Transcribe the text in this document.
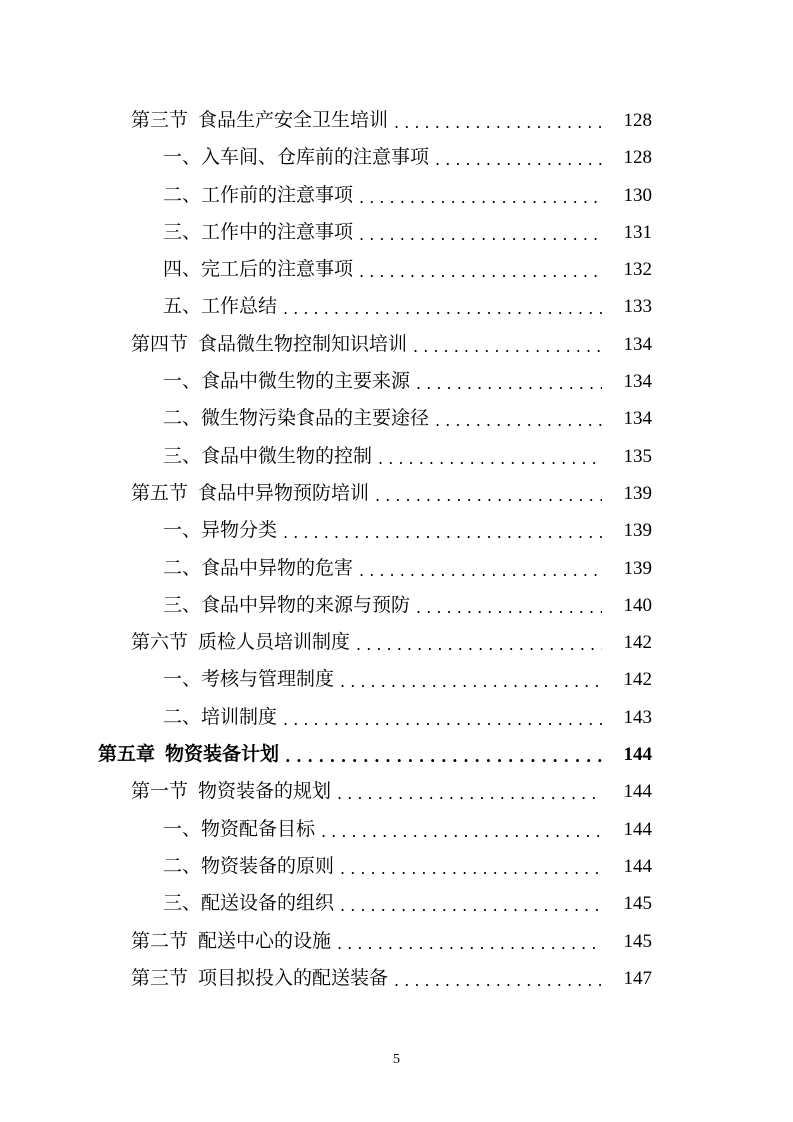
第三节 食品生产安全卫生培训 . . .	128
一、入车间、仓库前的注意事项 . . .	128
二、工作前的注意事项 . . .	130
三、工作中的注意事项 . . .	131
四、完工后的注意事项 . . .	132
五、工作总结 . . .	133
第四节 食品微生物控制知识培训 . . .	134
一、食品中微生物的主要来源 . . .	134
二、微生物污染食品的主要途径 . . .	134
三、食品中微生物的控制 . . .	135
第五节 食品中异物预防培训 . . .	139
一、异物分类 . . .	139
二、食品中异物的危害 . . .	139
三、食品中异物的来源与预防 . . .	140
第六节 质检人员培训制度 . . .	142
一、考核与管理制度 . . .	142
二、培训制度 . . .	143
第五章 物资装备计划 . . .	144
第一节 物资装备的规划 . . .	144
一、物资配备目标 . . .	144
二、物资装备的原则 . . .	144
三、配送设备的组织 . . .	145
第二节 配送中心的设施 . . .	145
第三节 项目拟投入的配送装备 . . .	147
5
